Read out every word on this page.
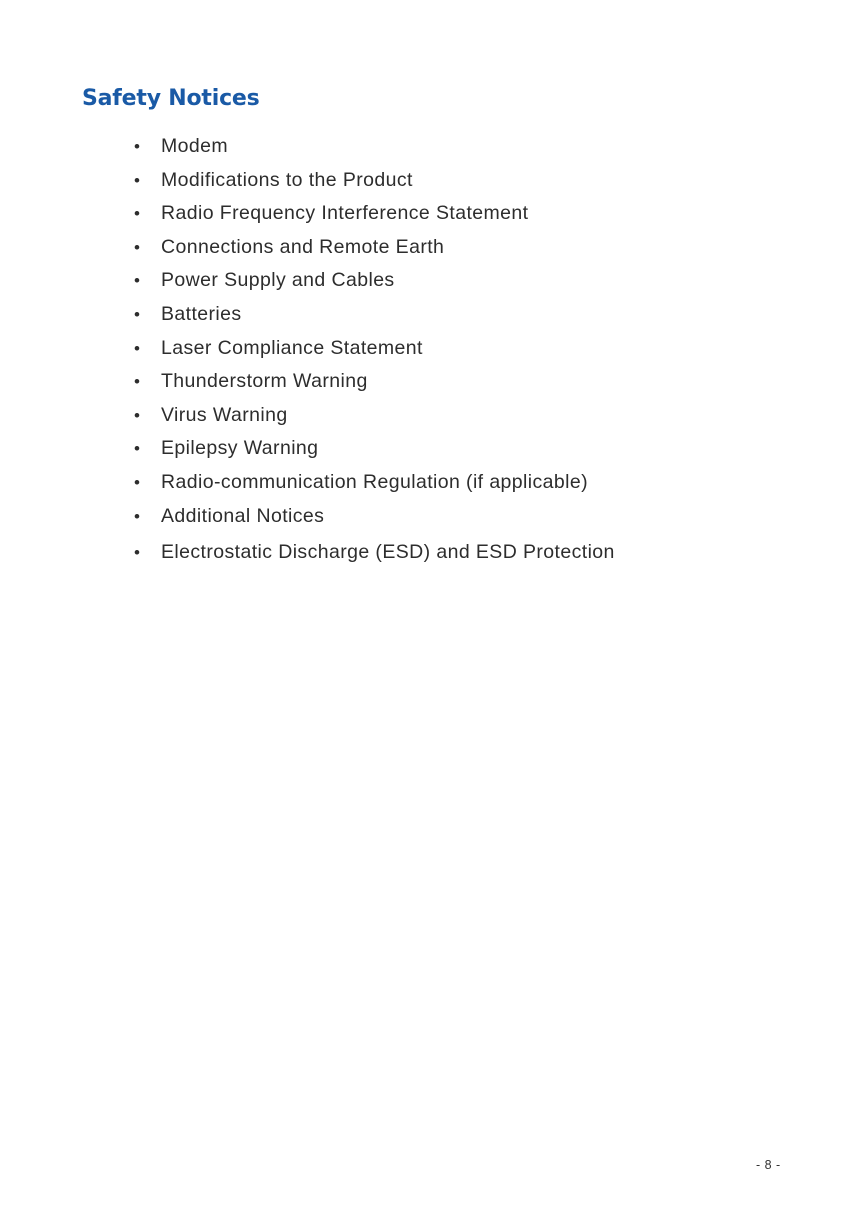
Safety Notices
•	Modem
•	Modifications to the Product
•	Radio Frequency Interference Statement
•	Connections and Remote Earth
•	Power Supply and Cables
•	Batteries
•	Laser Compliance Statement
•	Thunderstorm Warning
•	Virus Warning
•	Epilepsy Warning
•	Radio-communication Regulation (if applicable)
•	Additional Notices
•	Electrostatic Discharge (ESD) and ESD Protection
- 8 -
